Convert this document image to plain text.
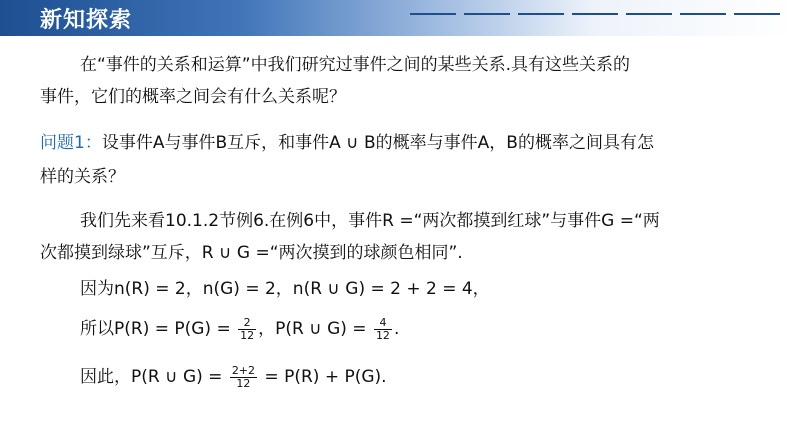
新知探索
在“事件的关系和运算”中我们研究过事件之间的某些关系.具有这些关系的
事件，它们的概率之间会有什么关系呢？
问题1：设事件A与事件B互斥，和事件A ∪ B的概率与事件A，B的概率之间具有怎
样的关系？
我们先来看10.1.2节例6.在例6中，事件R =“两次都摸到红球”与事件G =“两
次都摸到绿球”互斥，R ∪ G =“两次摸到的球颜色相同”.
因为n(R) = 2，n(G) = 2，n(R ∪ G) = 2 + 2 = 4，
所以$P(R) = P(G) = \frac{2}{12}$ ，P(R ∪ $G) = \frac{4}{12}$ .
因此，P(R ∪ $G) = \frac{2+2}{12} = P(R) + P(G)$.
